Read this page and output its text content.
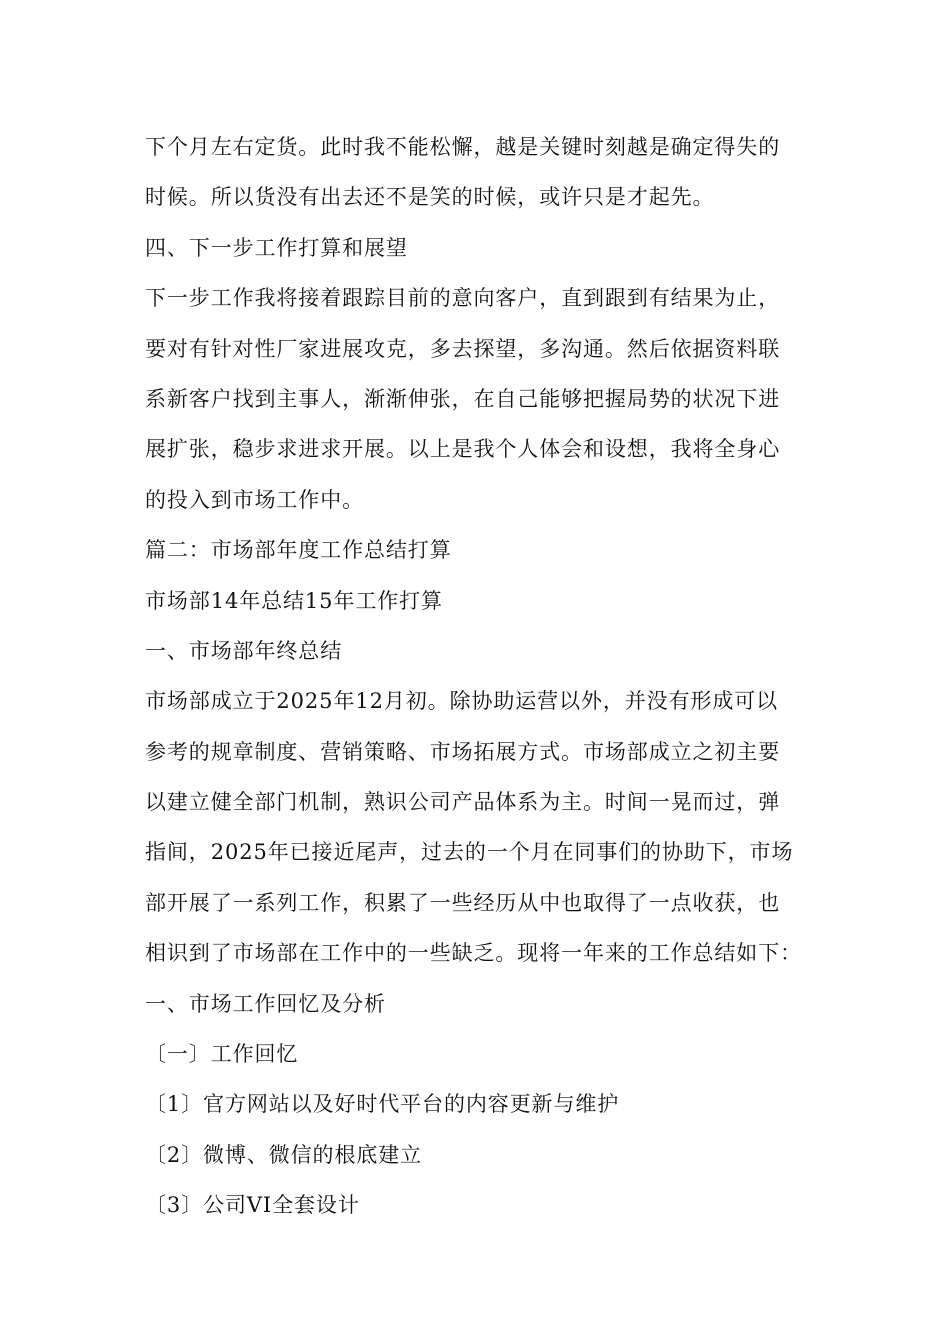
下个月左右定货。此时我不能松懈，越是关键时刻越是确定得失的
时候。所以货没有出去还不是笑的时候，或许只是才起先。
四、下一步工作打算和展望
下一步工作我将接着跟踪目前的意向客户，直到跟到有结果为止，
要对有针对性厂家进展攻克，多去探望，多沟通。然后依据资料联
系新客户找到主事人，渐渐伸张，在自己能够把握局势的状况下进
展扩张，稳步求进求开展。以上是我个人体会和设想，我将全身心
的投入到市场工作中。
篇二：市场部年度工作总结打算
市场部14年总结15年工作打算
一、市场部年终总结
市场部成立于2025年12月初。除协助运营以外，并没有形成可以
参考的规章制度、营销策略、市场拓展方式。市场部成立之初主要
以建立健全部门机制，熟识公司产品体系为主。时间一晃而过，弹
指间，2025年已接近尾声，过去的一个月在同事们的协助下，市场
部开展了一系列工作，积累了一些经历从中也取得了一点收获，也
相识到了市场部在工作中的一些缺乏。现将一年来的工作总结如下：
一、市场工作回忆及分析
〔一〕工作回忆
〔1〕官方网站以及好时代平台的内容更新与维护
〔2〕微博、微信的根底建立
〔3〕公司VI全套设计
